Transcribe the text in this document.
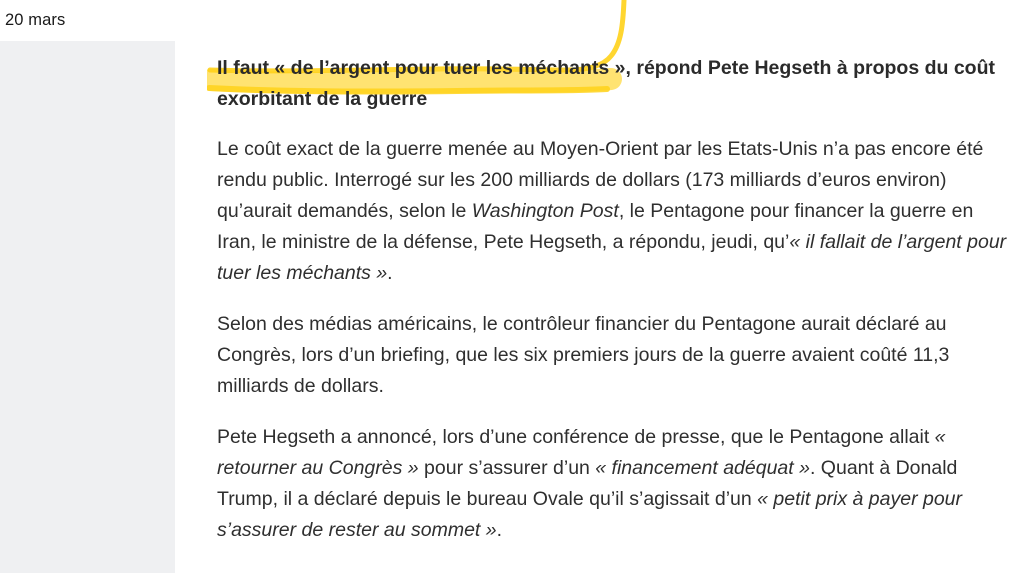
20 mars
Il faut « de l’argent pour tuer les méchants », répond Pete Hegseth à propos du coût exorbitant de la guerre

Le coût exact de la guerre menée au Moyen-Orient par les Etats-Unis n’a pas encore été rendu public. Interrogé sur les 200 milliards de dollars (173 milliards d’euros environ) qu’aurait demandés, selon le Washington Post, le Pentagone pour financer la guerre en Iran, le ministre de la défense, Pete Hegseth, a répondu, jeudi, qu’« il fallait de l’argent pour tuer les méchants ».

Selon des médias américains, le contrôleur financier du Pentagone aurait déclaré au Congrès, lors d’un briefing, que les six premiers jours de la guerre avaient coûté 11,3 milliards de dollars.

Pete Hegseth a annoncé, lors d’une conférence de presse, que le Pentagone allait « retourner au Congrès » pour s’assurer d’un « financement adéquat ». Quant à Donald Trump, il a déclaré depuis le bureau Ovale qu’il s’agissait d’un « petit prix à payer pour s’assurer de rester au sommet ».
